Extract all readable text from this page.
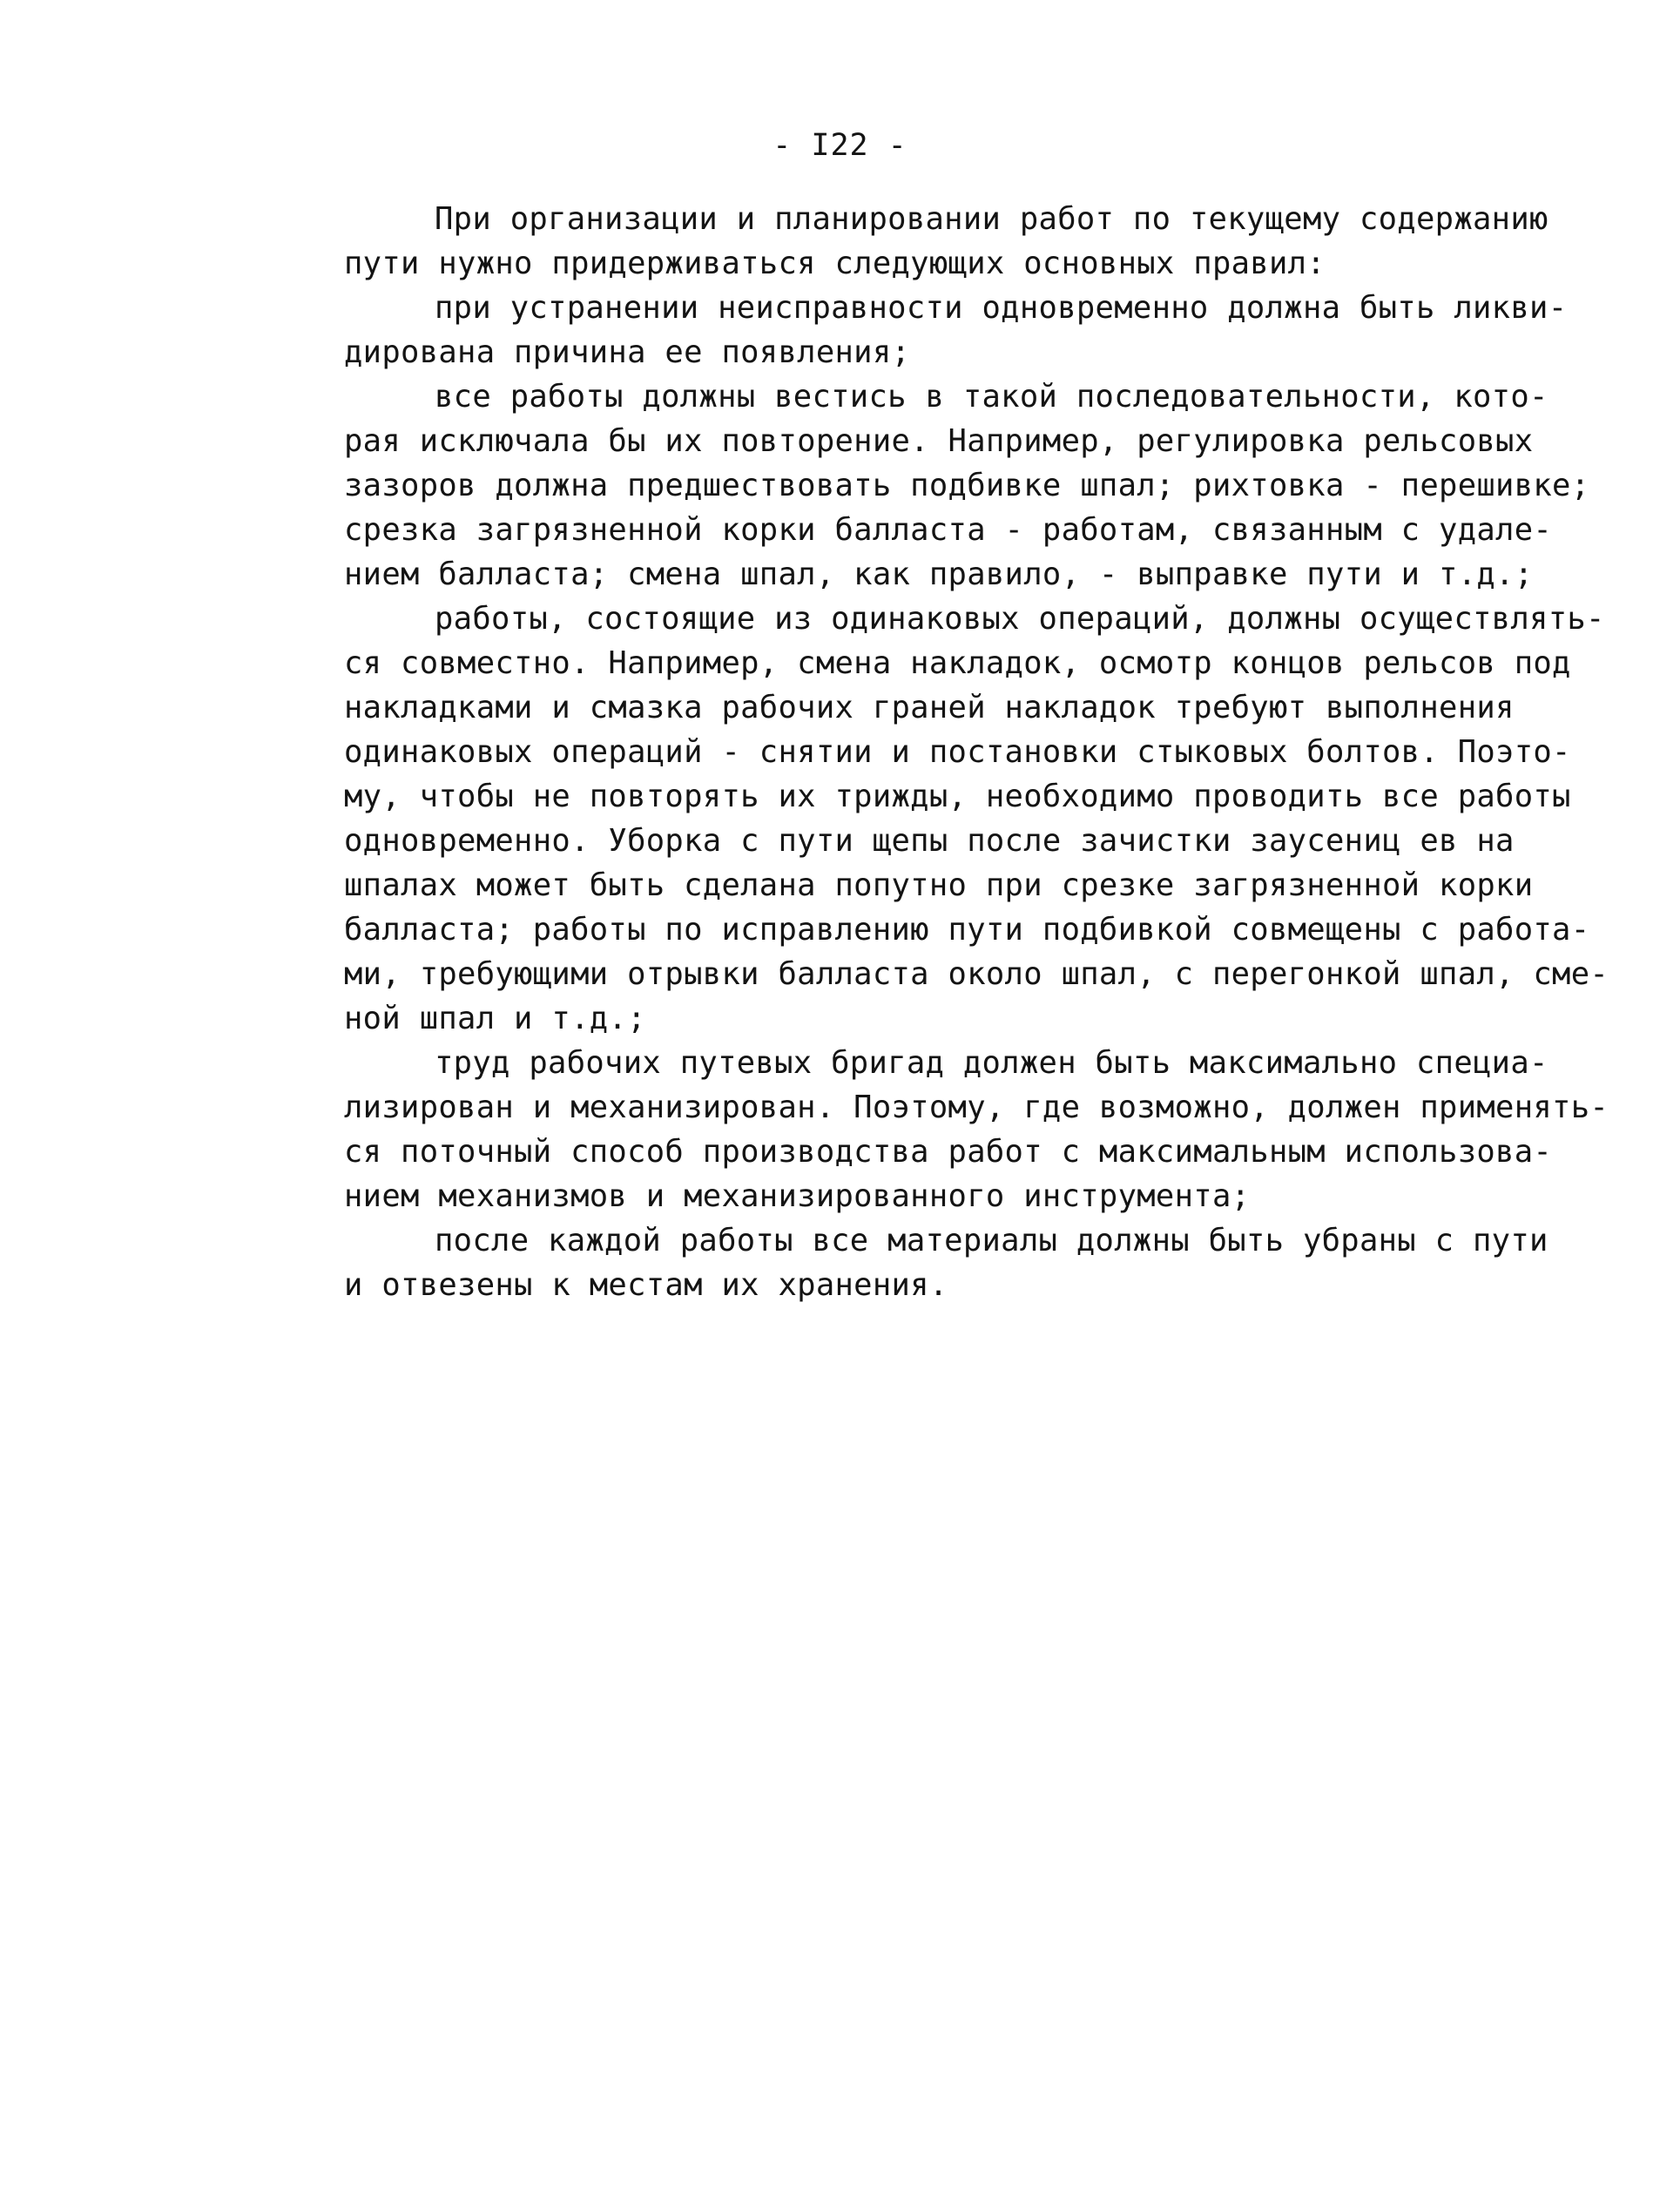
- I22 -
При организации и планировании работ по текущему содержанию
пути нужно придерживаться следующих основных правил:
при устранении неисправности одновременно должна быть ликви-
дирована причина ее появления;
все работы должны вестись в такой последовательности, кото-
рая исключала бы их повторение. Например, регулировка рельсовых
зазоров должна предшествовать подбивке шпал; рихтовка - перешивке;
срезка загрязненной корки балласта - работам, связанным с удале-
нием балласта; смена шпал, как правило, - выправке пути и т.д.;
работы, состоящие из одинаковых операций, должны осуществлять-
ся совместно. Например, смена накладок, осмотр концов рельсов под
накладками и смазка рабочих граней накладок требуют выполнения
одинаковых операций - снятии и постановки стыковых болтов. Поэто-
му, чтобы не повторять их трижды, необходимо проводить все работы
одновременно. Уборка с пути щепы после зачистки заусениц ев на
шпалах может быть сделана попутно при срезке загрязненной корки
балласта; работы по исправлению пути подбивкой совмещены с работа-
ми, требующими отрывки балласта около шпал, с перегонкой шпал, сме-
ной шпал и т.д.;
труд рабочих путевых бригад должен быть максимально специа-
лизирован и механизирован. Поэтому, где возможно, должен применять-
ся поточный способ производства работ с максимальным использова-
нием механизмов и механизированного инструмента;
после каждой работы все материалы должны быть убраны с пути
и отвезены к местам их хранения.
